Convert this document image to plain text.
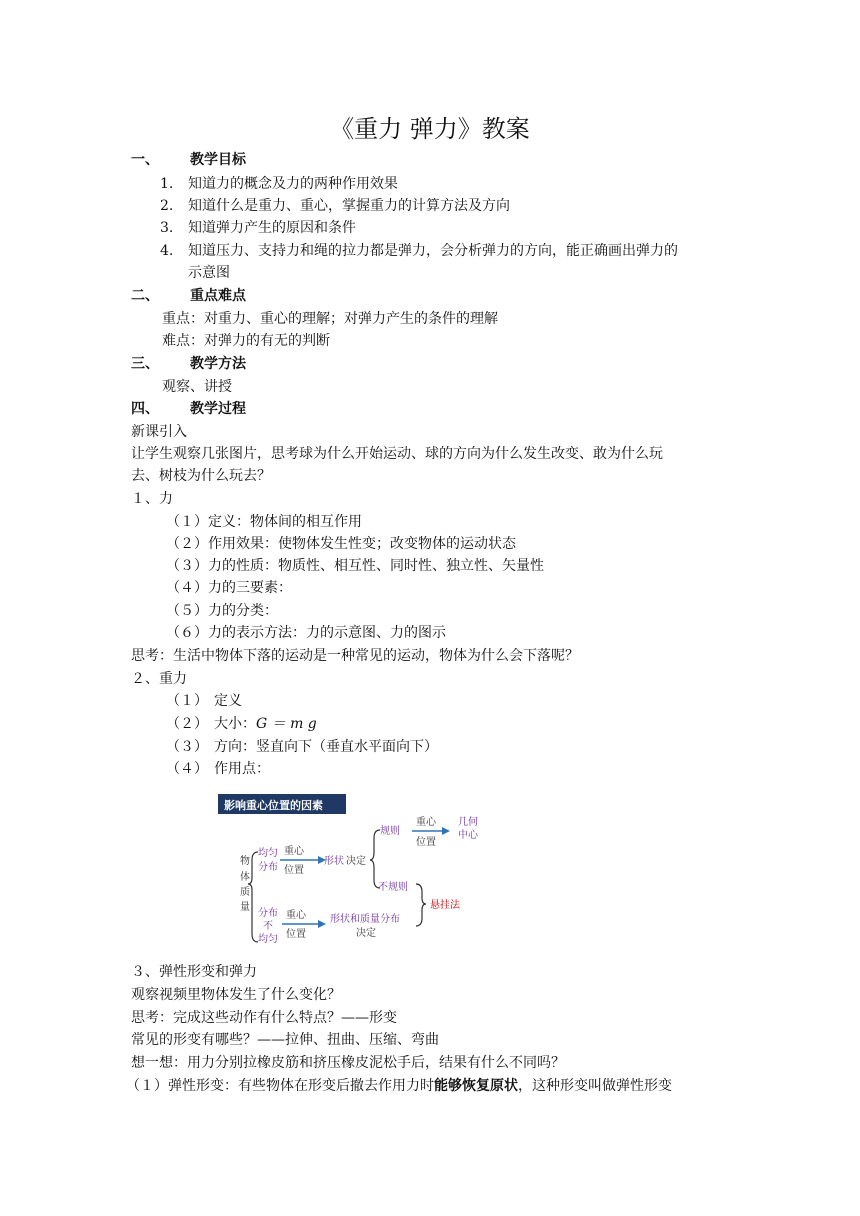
《重力 弹力》教案
一、 教学目标
1. 知道力的概念及力的两种作用效果
2. 知道什么是重力、重心，掌握重力的计算方法及方向
3. 知道弹力产生的原因和条件
4. 知道压力、支持力和绳的拉力都是弹力，会分析弹力的方向，能正确画出弹力的
示意图
二、 重点难点
重点：对重力、重心的理解；对弹力产生的条件的理解
难点：对弹力的有无的判断
三、 教学方法
观察、讲授
四、 教学过程
新课引入
让学生观察几张图片，思考球为什么开始运动、球的方向为什么发生改变、敢为什么玩
去、树枝为什么玩去？
１、力
（１）定义：物体间的相互作用
（２）作用效果：使物体发生性变；改变物体的运动状态
（３）力的性质：物质性、相互性、同时性、独立性、矢量性
（４）力的三要素：
（５）力的分类：
（６）力的表示方法：力的示意图、力的图示
思考：生活中物体下落的运动是一种常见的运动，物体为什么会下落呢？
２、重力
（１） 定义
（２） 大小：G ＝ m g
（３） 方向：竖直向下（垂直水平面向下）
（４） 作用点：
影响重心位置的因素
物
体
质
量
均匀
分布
重心
位置
形状 决定
规则
重心
位置
几何
中心
不规则
悬挂法
分布
不
均匀
重心
位置
形状和质量分布
决定
３、弹性形变和弹力
观察视频里物体发生了什么变化？
思考：完成这些动作有什么特点？——形变
常见的形变有哪些？——拉伸、扭曲、压缩、弯曲
想一想：用力分别拉橡皮筋和挤压橡皮泥松手后，结果有什么不同吗？
（１）弹性形变：有些物体在形变后撤去作用力时能够恢复原状，这种形变叫做弹性形变
